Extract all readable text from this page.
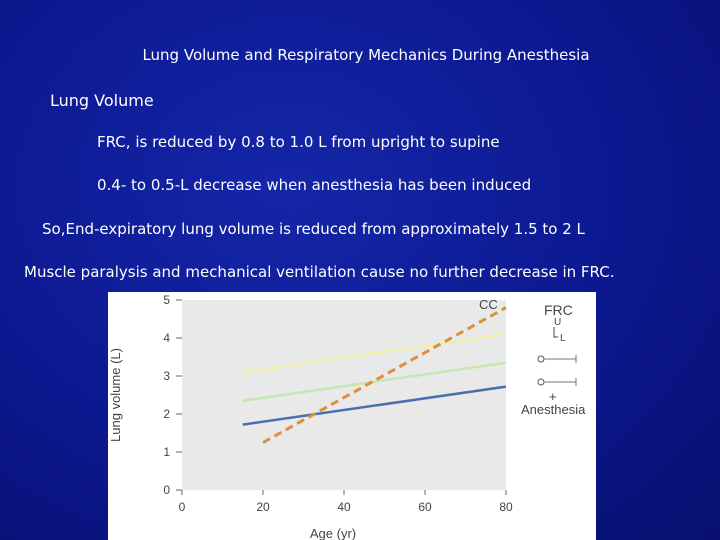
Lung Volume and Respiratory Mechanics During Anesthesia
Lung Volume
FRC, is reduced by 0.8 to 1.0 L from upright to supine
0.4- to 0.5-L decrease when anesthesia has been induced
So,End-expiratory lung volume is reduced from approximately 1.5 to 2 L
Muscle paralysis and mechanical ventilation cause no further decrease in FRC.
0
1
2
3
4
5
0	20	40	60	80
CC	FRC
U
L
+
Anesthesia
Age (yr)
Lung volume (L)
